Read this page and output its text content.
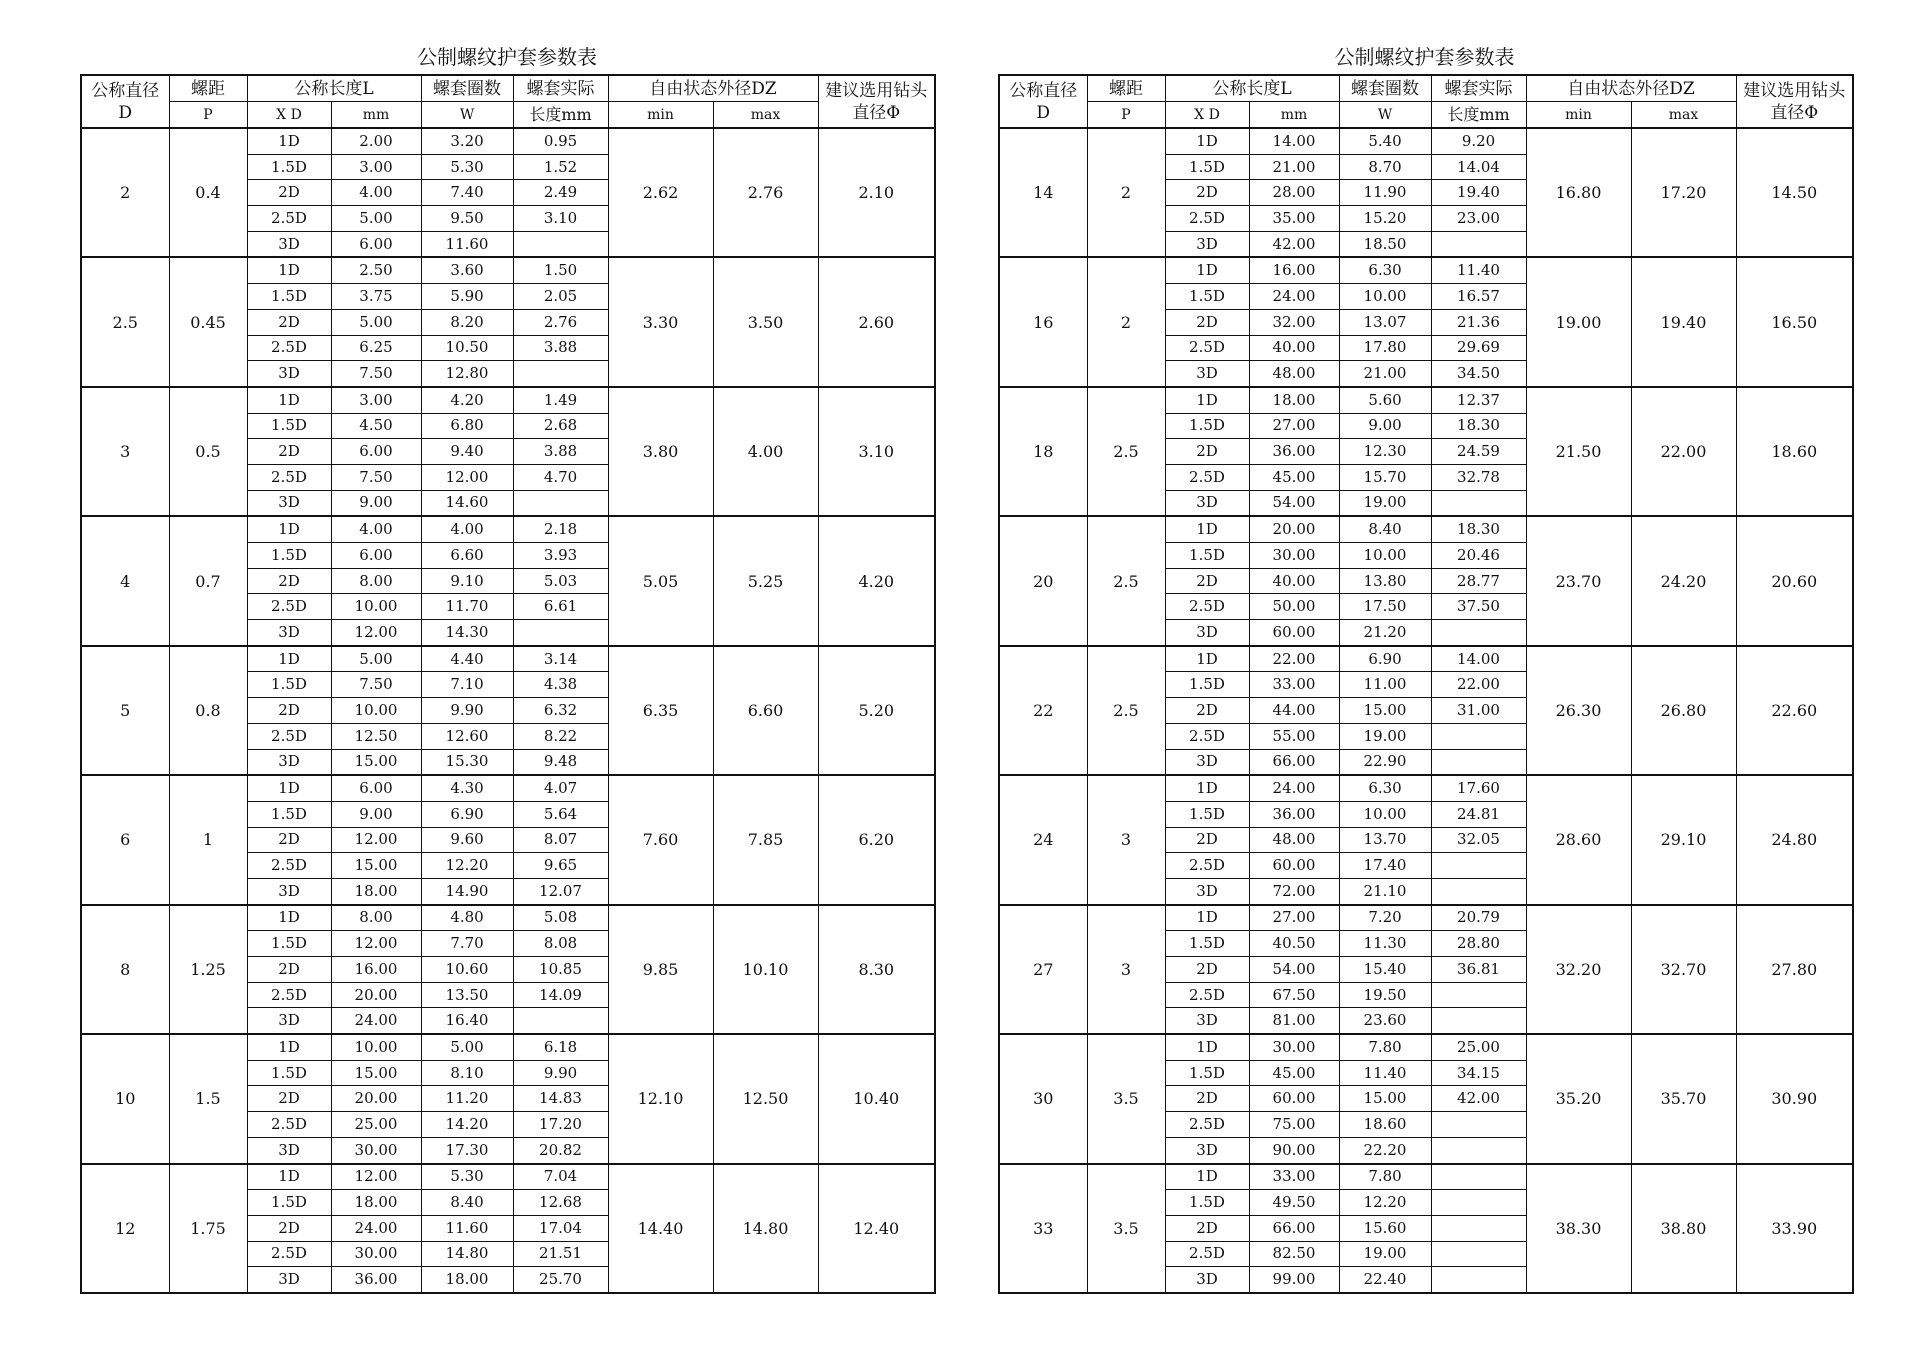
公制螺纹护套参数表
公称直径 D	螺距	公称长度L		螺套圈数	螺套实际	自由状态外径DZ		建议选用钻头直径Φ
	P	X D	mm	W	长度mm	min	max	
2	0.4	1D	2.00	3.20	0.95	2.62	2.76	2.10
		1.5D	3.00	5.30	1.52			
		2D	4.00	7.40	2.49			
		2.5D	5.00	9.50	3.10			
		3D	6.00	11.60				
2.5	0.45	1D	2.50	3.60	1.50	3.30	3.50	2.60
		1.5D	3.75	5.90	2.05			
		2D	5.00	8.20	2.76			
		2.5D	6.25	10.50	3.88			
		3D	7.50	12.80				
3	0.5	1D	3.00	4.20	1.49	3.80	4.00	3.10
		1.5D	4.50	6.80	2.68			
		2D	6.00	9.40	3.88			
		2.5D	7.50	12.00	4.70			
		3D	9.00	14.60				
4	0.7	1D	4.00	4.00	2.18	5.05	5.25	4.20
		1.5D	6.00	6.60	3.93			
		2D	8.00	9.10	5.03			
		2.5D	10.00	11.70	6.61			
		3D	12.00	14.30				
5	0.8	1D	5.00	4.40	3.14	6.35	6.60	5.20
		1.5D	7.50	7.10	4.38			
		2D	10.00	9.90	6.32			
		2.5D	12.50	12.60	8.22			
		3D	15.00	15.30	9.48			
6	1	1D	6.00	4.30	4.07	7.60	7.85	6.20
		1.5D	9.00	6.90	5.64			
		2D	12.00	9.60	8.07			
		2.5D	15.00	12.20	9.65			
		3D	18.00	14.90	12.07			
8	1.25	1D	8.00	4.80	5.08	9.85	10.10	8.30
		1.5D	12.00	7.70	8.08			
		2D	16.00	10.60	10.85			
		2.5D	20.00	13.50	14.09			
		3D	24.00	16.40				
10	1.5	1D	10.00	5.00	6.18	12.10	12.50	10.40
		1.5D	15.00	8.10	9.90			
		2D	20.00	11.20	14.83			
		2.5D	25.00	14.20	17.20			
		3D	30.00	17.30	20.82			
12	1.75	1D	12.00	5.30	7.04	14.40	14.80	12.40
		1.5D	18.00	8.40	12.68			
		2D	24.00	11.60	17.04			
		2.5D	30.00	14.80	21.51			
		3D	36.00	18.00	25.70			
公制螺纹护套参数表
公称直径 D	螺距	公称长度L		螺套圈数	螺套实际	自由状态外径DZ		建议选用钻头直径Φ
	P	X D	mm	W	长度mm	min	max	
14	2	1D	14.00	5.40	9.20	16.80	17.20	14.50
		1.5D	21.00	8.70	14.04			
		2D	28.00	11.90	19.40			
		2.5D	35.00	15.20	23.00			
		3D	42.00	18.50				
16	2	1D	16.00	6.30	11.40	19.00	19.40	16.50
		1.5D	24.00	10.00	16.57			
		2D	32.00	13.07	21.36			
		2.5D	40.00	17.80	29.69			
		3D	48.00	21.00	34.50			
18	2.5	1D	18.00	5.60	12.37	21.50	22.00	18.60
		1.5D	27.00	9.00	18.30			
		2D	36.00	12.30	24.59			
		2.5D	45.00	15.70	32.78			
		3D	54.00	19.00				
20	2.5	1D	20.00	8.40	18.30	23.70	24.20	20.60
		1.5D	30.00	10.00	20.46			
		2D	40.00	13.80	28.77			
		2.5D	50.00	17.50	37.50			
		3D	60.00	21.20				
22	2.5	1D	22.00	6.90	14.00	26.30	26.80	22.60
		1.5D	33.00	11.00	22.00			
		2D	44.00	15.00	31.00			
		2.5D	55.00	19.00				
		3D	66.00	22.90				
24	3	1D	24.00	6.30	17.60	28.60	29.10	24.80
		1.5D	36.00	10.00	24.81			
		2D	48.00	13.70	32.05			
		2.5D	60.00	17.40				
		3D	72.00	21.10				
27	3	1D	27.00	7.20	20.79	32.20	32.70	27.80
		1.5D	40.50	11.30	28.80			
		2D	54.00	15.40	36.81			
		2.5D	67.50	19.50				
		3D	81.00	23.60				
30	3.5	1D	30.00	7.80	25.00	35.20	35.70	30.90
		1.5D	45.00	11.40	34.15			
		2D	60.00	15.00	42.00			
		2.5D	75.00	18.60				
		3D	90.00	22.20				
33	3.5	1D	33.00	7.80		38.30	38.80	33.90
		1.5D	49.50	12.20				
		2D	66.00	15.60				
		2.5D	82.50	19.00				
		3D	99.00	22.40				
